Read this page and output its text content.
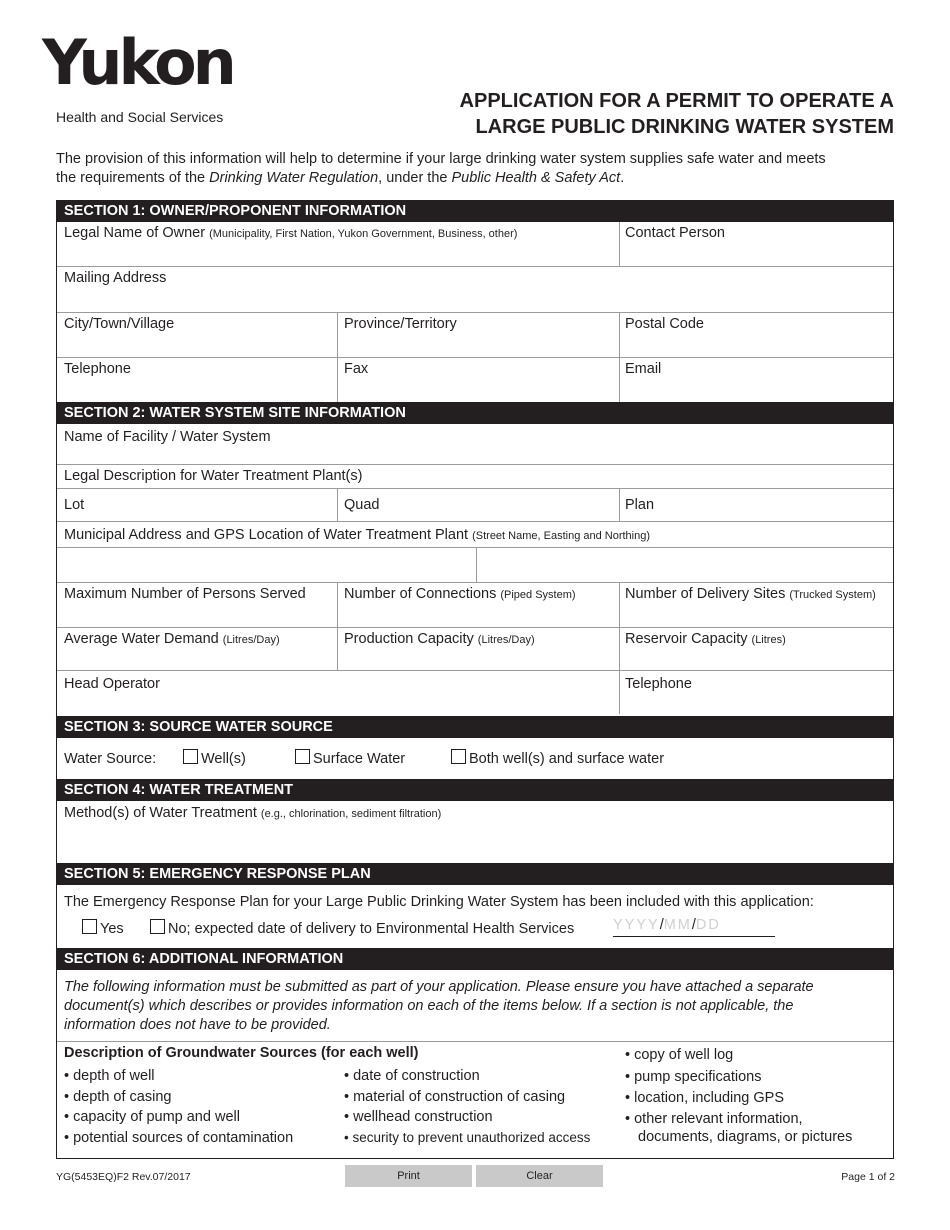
Yukon
Health and Social Services
APPLICATION FOR A PERMIT TO OPERATE A
LARGE PUBLIC DRINKING WATER SYSTEM
The provision of this information will help to determine if your large drinking water system supplies safe water and meets
the requirements of the Drinking Water Regulation, under the Public Health & Safety Act.
SECTION 1: OWNER/PROPONENT INFORMATION
Legal Name of Owner (Municipality, First Nation, Yukon Government, Business, other)	Contact Person
Mailing Address
City/Town/Village	Province/Territory	Postal Code
Telephone	Fax	Email
SECTION 2: WATER SYSTEM SITE INFORMATION
Name of Facility / Water System
Legal Description for Water Treatment Plant(s)
Lot	Quad	Plan
Municipal Address and GPS Location of Water Treatment Plant (Street Name, Easting and Northing)
Maximum Number of Persons Served	Number of Connections (Piped System)	Number of Delivery Sites (Trucked System)
Average Water Demand (Litres/Day)	Production Capacity (Litres/Day)	Reservoir Capacity (Litres)
Head Operator	Telephone
SECTION 3: SOURCE WATER SOURCE
Water Source:	Well(s)	Surface Water	Both well(s) and surface water
SECTION 4: WATER TREATMENT
Method(s) of Water Treatment (e.g., chlorination, sediment filtration)
SECTION 5: EMERGENCY RESPONSE PLAN
The Emergency Response Plan for your Large Public Drinking Water System has been included with this application:
Yes	No; expected date of delivery to Environmental Health Services	YYYY/MM/DD
SECTION 6: ADDITIONAL INFORMATION
The following information must be submitted as part of your application. Please ensure you have attached a separate
document(s) which describes or provides information on each of the items below. If a section is not applicable, the
information does not have to be provided.
Description of Groundwater Sources (for each well)
• depth of well
• depth of casing
• capacity of pump and well
• potential sources of contamination
• date of construction
• material of construction of casing
• wellhead construction
• security to prevent unauthorized access
• copy of well log
• pump specifications
• location, including GPS
• other relevant information,
documents, diagrams, or pictures
YG(5453EQ)F2 Rev.07/2017	Print	Clear	Page 1 of 2
